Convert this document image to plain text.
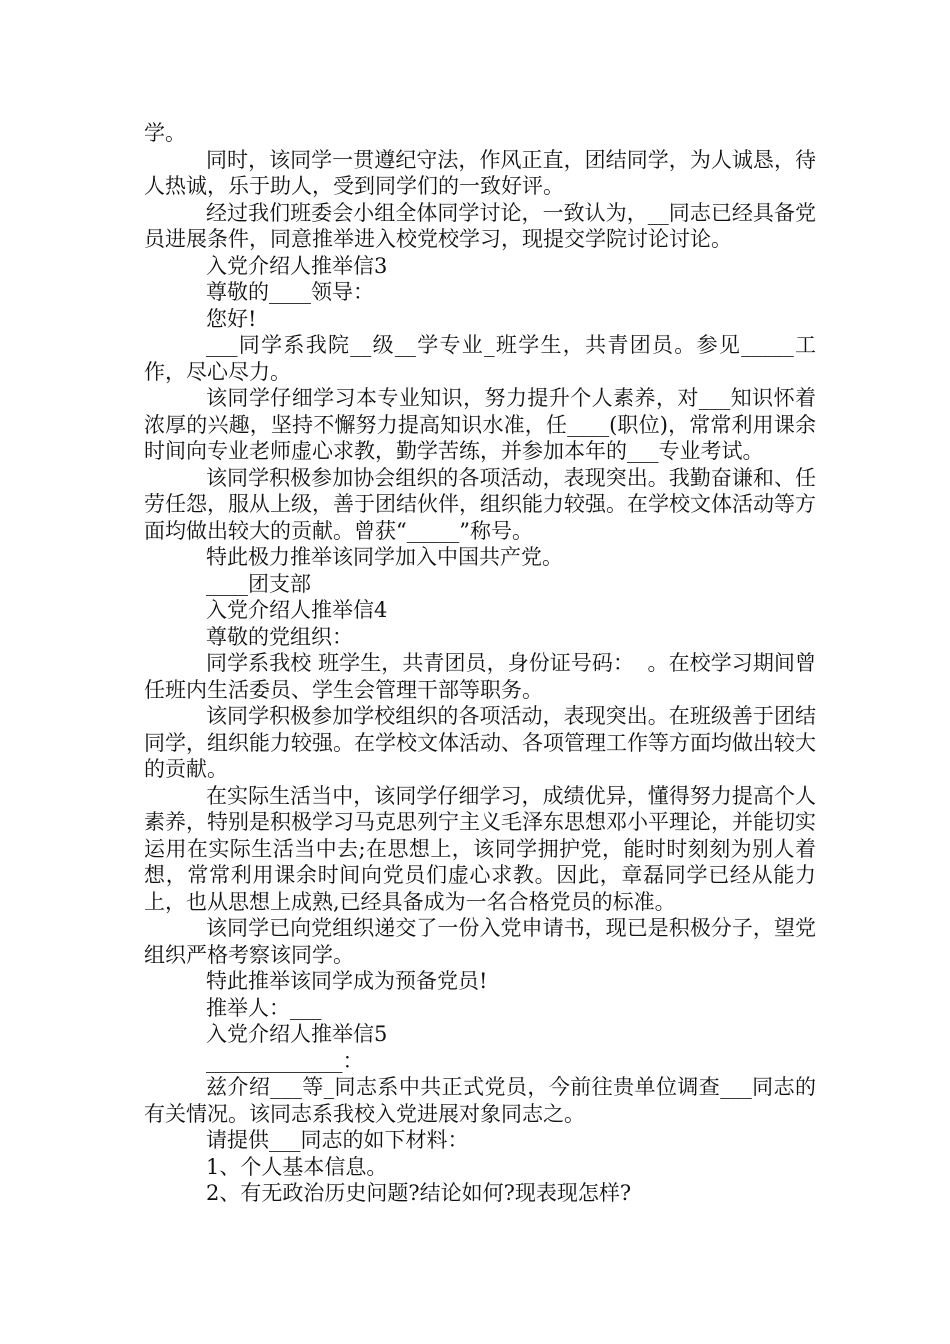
学。

同时，该同学一贯遵纪守法，作风正直，团结同学，为人诚恳，待人热诚，乐于助人，受到同学们的一致好评。

经过我们班委会小组全体同学讨论，一致认为，__同志已经具备党员进展条件，同意推举进入校党校学习，现提交学院讨论讨论。

入党介绍人推举信3

尊敬的____领导：

您好!

___同学系我院__级__学专业_班学生，共青团员。参见_____工作，尽心尽力。

该同学仔细学习本专业知识，努力提升个人素养，对___知识怀着浓厚的兴趣，坚持不懈努力提高知识水准，任____(职位)，常常利用课余时间向专业老师虚心求教，勤学苦练，并参加本年的___专业考试。

该同学积极参加协会组织的各项活动，表现突出。我勤奋谦和、任劳任怨，服从上级，善于团结伙伴，组织能力较强。在学校文体活动等方面均做出较大的贡献。曾获“_____”称号。

特此极力推举该同学加入中国共产党。

____团支部

入党介绍人推举信4

尊敬的党组织：

同学系我校 班学生，共青团员，身份证号码：  。在校学习期间曾任班内生活委员、学生会管理干部等职务。

该同学积极参加学校组织的各项活动，表现突出。在班级善于团结同学，组织能力较强。在学校文体活动、各项管理工作等方面均做出较大的贡献。

在实际生活当中，该同学仔细学习，成绩优异，懂得努力提高个人素养，特别是积极学习马克思列宁主义毛泽东思想邓小平理论，并能切实运用在实际生活当中去;在思想上，该同学拥护党，能时时刻刻为别人着想，常常利用课余时间向党员们虚心求教。因此，章磊同学已经从能力上，也从思想上成熟,已经具备成为一名合格党员的标准。

该同学已向党组织递交了一份入党申请书，现已是积极分子，望党组织严格考察该同学。

特此推举该同学成为预备党员!

推举人：___

入党介绍人推举信5

_____________：

兹介绍___等_同志系中共正式党员，今前往贵单位调查___同志的有关情况。该同志系我校入党进展对象同志之。

请提供___同志的如下材料：

1、个人基本信息。

2、有无政治历史问题?结论如何?现表现怎样?
